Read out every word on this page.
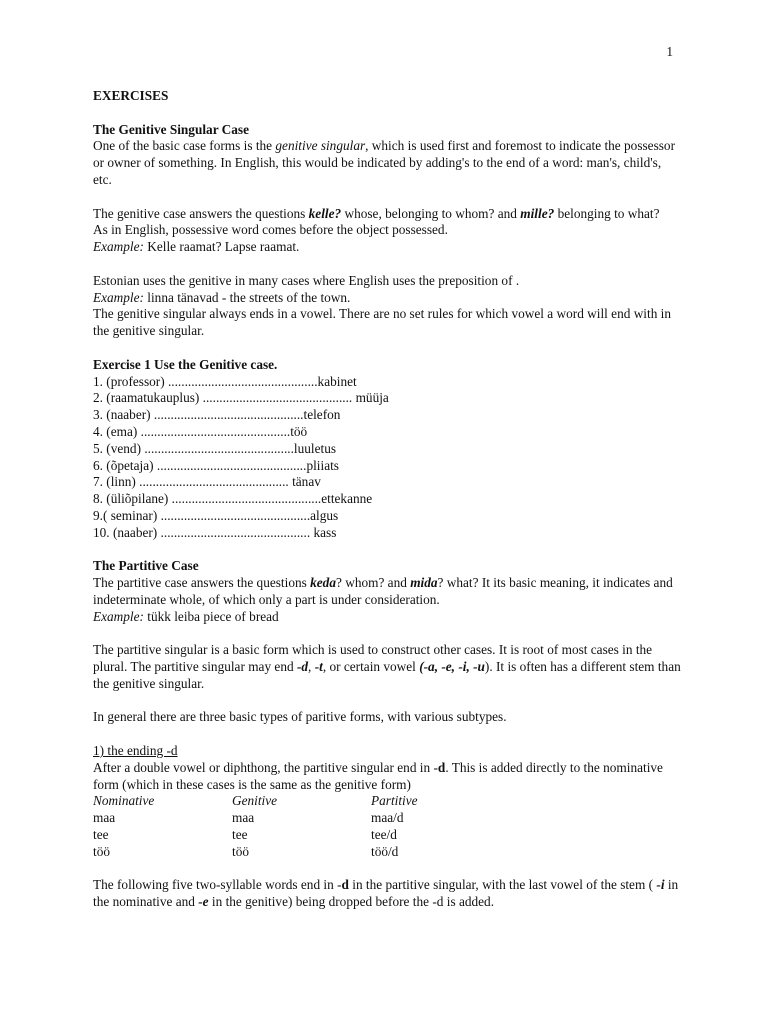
1

EXERCISES

The Genitive Singular Case

One of the basic case forms is the genitive singular, which is used first and foremost to indicate the possessor or owner of something. In English, this would be indicated by adding's to the end of a word: man's, child's, etc.

The genitive case answers the questions kelle? whose, belonging to whom? and mille? belonging to what?

As in English, possessive word comes before the object possessed.

Example: Kelle raamat? Lapse raamat.

Estonian uses the genitive in many cases where English uses the preposition of .

Example: linna tänavad - the streets of the town.

The genitive singular always ends in a vowel. There are no set rules for which vowel a word will end with in the genitive singular.

Exercise 1 Use the Genitive case.

1. (professor) .............................................kabinet
2. (raamatukauplus) ............................................. müüja
3. (naaber) .............................................telefon
4. (ema) .............................................töö
5. (vend) .............................................luuletus
6. (õpetaja) .............................................pliiats
7. (linn) ............................................. tänav
8. (üliõpilane) .............................................ettekanne
9.( seminar) .............................................algus
10. (naaber) ............................................. kass

The Partitive Case

The partitive case answers the questions keda? whom? and mida? what? It its basic meaning, it indicates and indeterminate whole, of which only a part is under consideration.

Example: tükk leiba piece of bread

The partitive singular is a basic form which is used to construct other cases. It is root of most cases in the plural. The partitive singular may end -d, -t, or certain vowel (-a, -e, -i, -u). It is often has a different stem than the genitive singular.

In general there are three basic types of paritive forms, with various subtypes.

1) the ending -d

After a double vowel or diphthong, the partitive singular end in -d. This is added directly to the nominative form (which in these cases is the same as the genitive form)

Nominative	Genitive	Partitive
maa	maa	maa/d
tee	tee	tee/d
töö	töö	töö/d

The following five two-syllable words end in -d in the partitive singular, with the last vowel of the stem ( -i in the nominative and -e in the genitive) being dropped before the -d is added.
